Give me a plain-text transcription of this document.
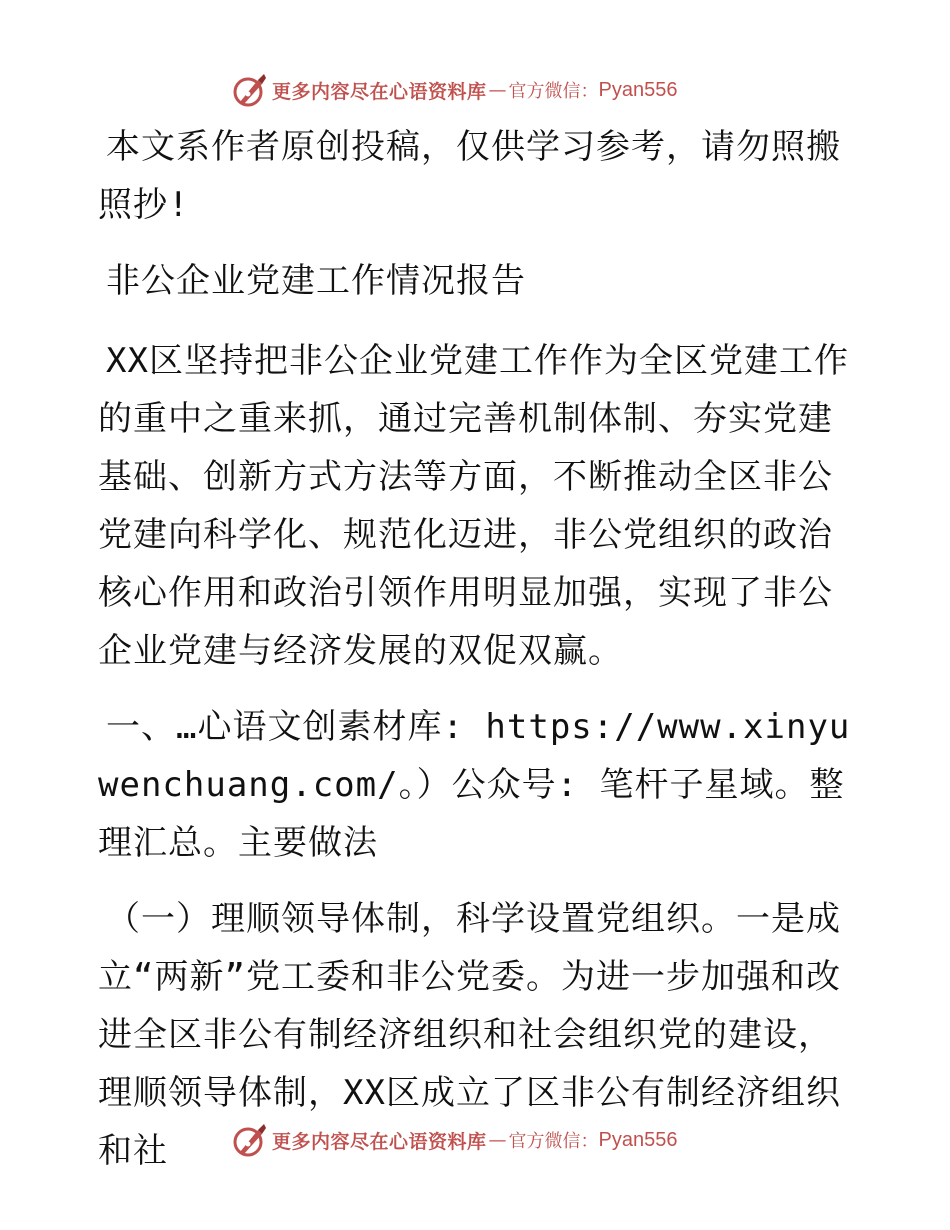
更多内容尽在心语资料库 — 官方微信： Pyan556

本文系作者原创投稿，仅供学习参考，请勿照搬照抄!

非公企业党建工作情况报告

XX区坚持把非公企业党建工作作为全区党建工作的重中之重来抓，通过完善机制体制、夯实党建基础、创新方式方法等方面，不断推动全区非公党建向科学化、规范化迈进，非公党组织的政治核心作用和政治引领作用明显加强，实现了非公企业党建与经济发展的双促双赢。

一、…心语文创素材库: https://www.xinyuwenchuang.com/。）公众号: 笔杆子星域。整理汇总。主要做法

（一）理顺领导体制，科学设置党组织。一是成立“两新”党工委和非公党委。为进一步加强和改进全区非公有制经济组织和社会组织党的建设，理顺领导体制，XX区成立了区非公有制经济组织和社	更多内容尽在心语资料库 — 官方微信： Pyan556
